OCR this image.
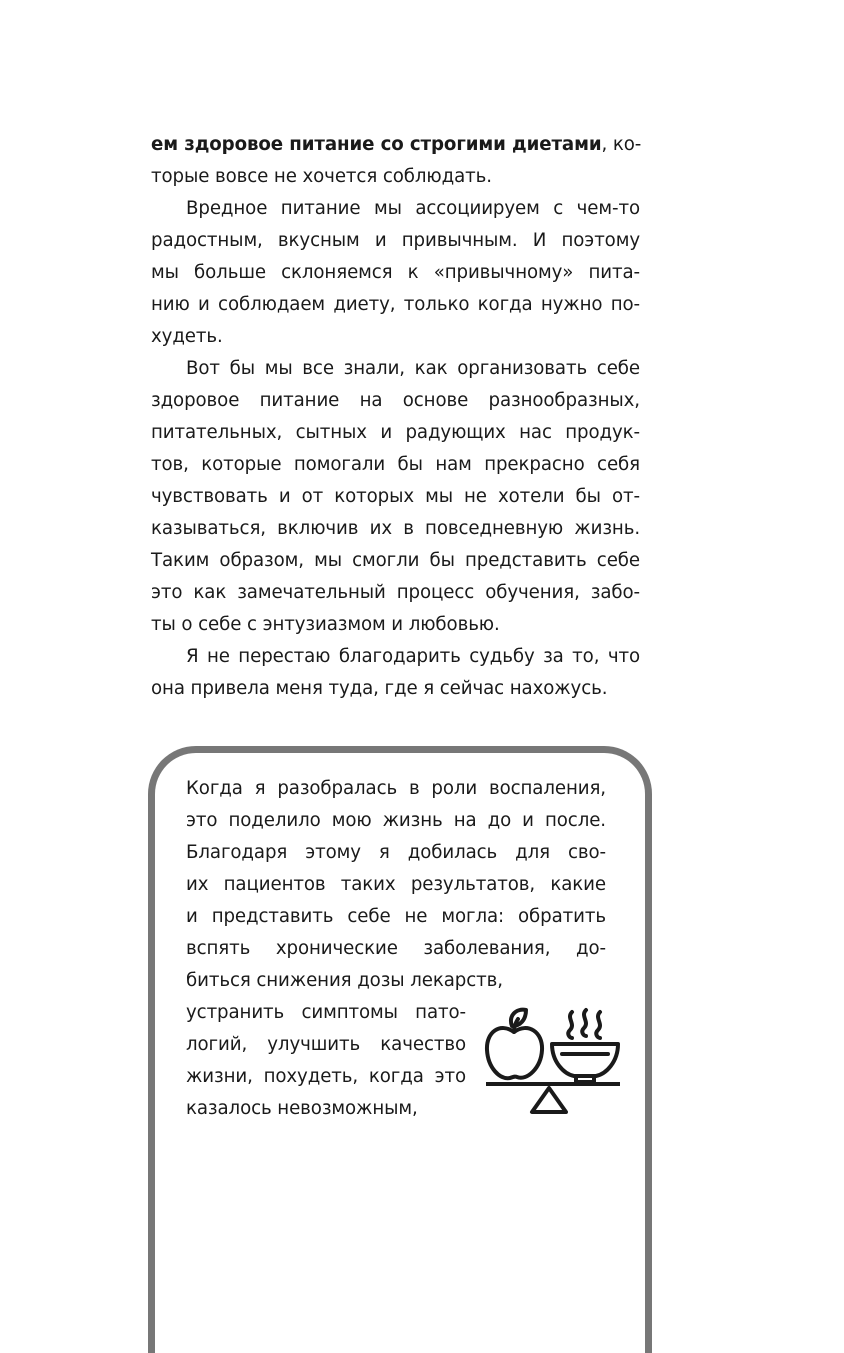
ем здоровое питание со строгими диетами, ко-
торые вовсе не хочется соблюдать.
Вредное питание мы ассоциируем с чем-то
радостным, вкусным и привычным. И поэтому
мы больше склоняемся к «привычному» пита-
нию и соблюдаем диету, только когда нужно по-
худеть.
Вот бы мы все знали, как организовать себе
здоровое питание на основе разнообразных,
питательных, сытных и радующих нас продук-
тов, которые помогали бы нам прекрасно себя
чувствовать и от которых мы не хотели бы от-
казываться, включив их в повседневную жизнь.
Таким образом, мы смогли бы представить себе
это как замечательный процесс обучения, забо-
ты о себе с энтузиазмом и любовью.
Я не перестаю благодарить судьбу за то, что
она привела меня туда, где я сейчас нахожусь.
Когда я разобралась в роли воспаления,
это поделило мою жизнь на до и после.
Благодаря этому я добилась для сво-
их пациентов таких результатов, какие
и представить себе не могла: обратить
вспять хронические заболевания, до-
биться снижения дозы лекарств,
устранить симптомы пато-
логий, улучшить качество
жизни, похудеть, когда это
казалось невозможным,
